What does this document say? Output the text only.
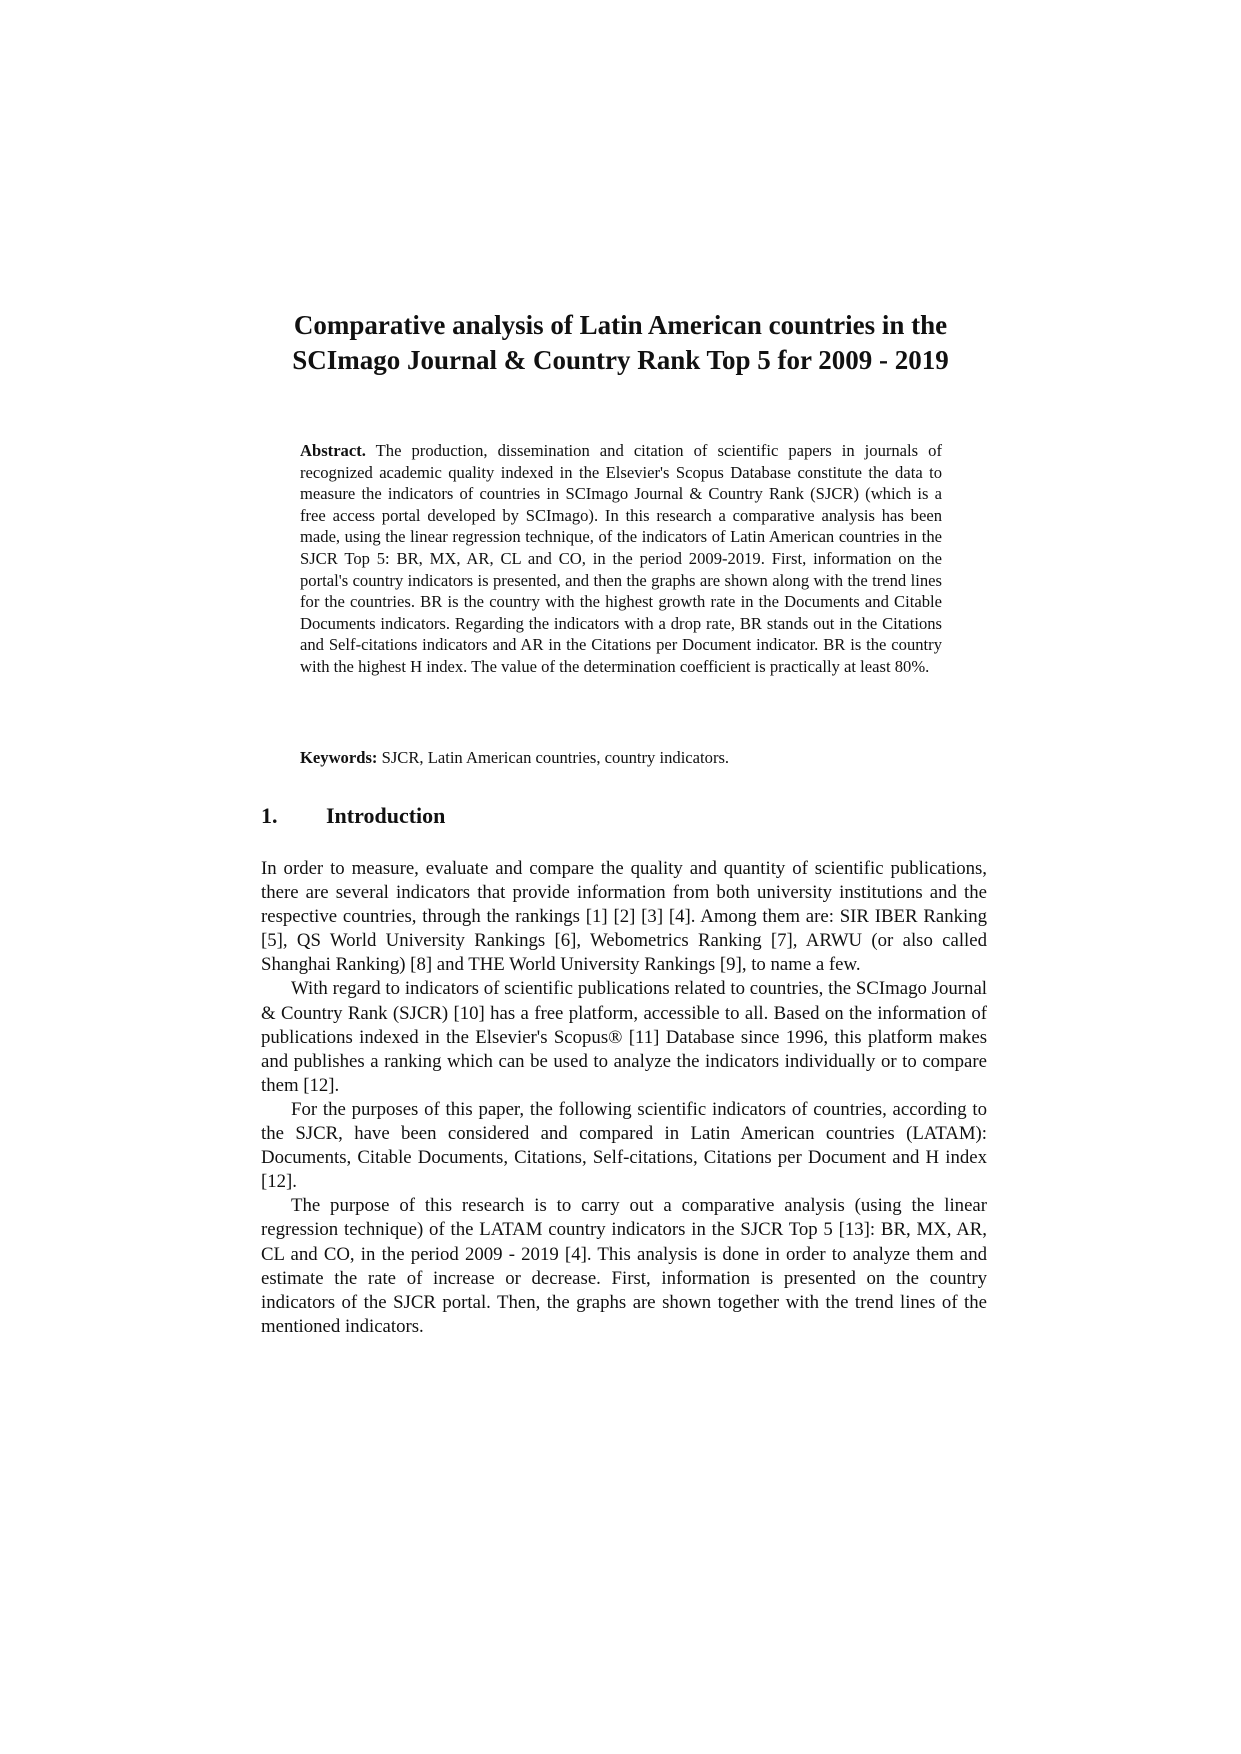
Comparative analysis of Latin American countries in the
SCImago Journal & Country Rank Top 5 for 2009 - 2019
Abstract. The production, dissemination and citation of scientific papers in journals of recognized academic quality indexed in the Elsevier's Scopus Database constitute the data to measure the indicators of countries in SCImago Journal & Country Rank (SJCR) (which is a free access portal developed by SCImago). In this research a comparative analysis has been made, using the linear regression technique, of the indicators of Latin American countries in the SJCR Top 5: BR, MX, AR, CL and CO, in the period 2009-2019. First, information on the portal's country indicators is presented, and then the graphs are shown along with the trend lines for the countries. BR is the country with the highest growth rate in the Documents and Citable Documents indicators. Regarding the indicators with a drop rate, BR stands out in the Citations and Self-citations indicators and AR in the Citations per Document indicator. BR is the country with the highest H index. The value of the determination coefficient is practically at least 80%.
Keywords: SJCR, Latin American countries, country indicators.
1. Introduction

In order to measure, evaluate and compare the quality and quantity of scientific publications, there are several indicators that provide information from both university institutions and the respective countries, through the rankings [1] [2] [3] [4]. Among them are: SIR IBER Ranking [5], QS World University Rankings [6], Webometrics Ranking [7], ARWU (or also called Shanghai Ranking) [8] and THE World University Rankings [9], to name a few.

With regard to indicators of scientific publications related to countries, the SCImago Journal & Country Rank (SJCR) [10] has a free platform, accessible to all. Based on the information of publications indexed in the Elsevier's Scopus® [11] Database since 1996, this platform makes and publishes a ranking which can be used to analyze the indicators individually or to compare them [12].

For the purposes of this paper, the following scientific indicators of countries, according to the SJCR, have been considered and compared in Latin American countries (LATAM): Documents, Citable Documents, Citations, Self-citations, Citations per Document and H index [12].

The purpose of this research is to carry out a comparative analysis (using the linear regression technique) of the LATAM country indicators in the SJCR Top 5 [13]: BR, MX, AR, CL and CO, in the period 2009 - 2019 [4]. This analysis is done in order to analyze them and estimate the rate of increase or decrease. First, information is presented on the country indicators of the SJCR portal. Then, the graphs are shown together with the trend lines of the mentioned indicators.
